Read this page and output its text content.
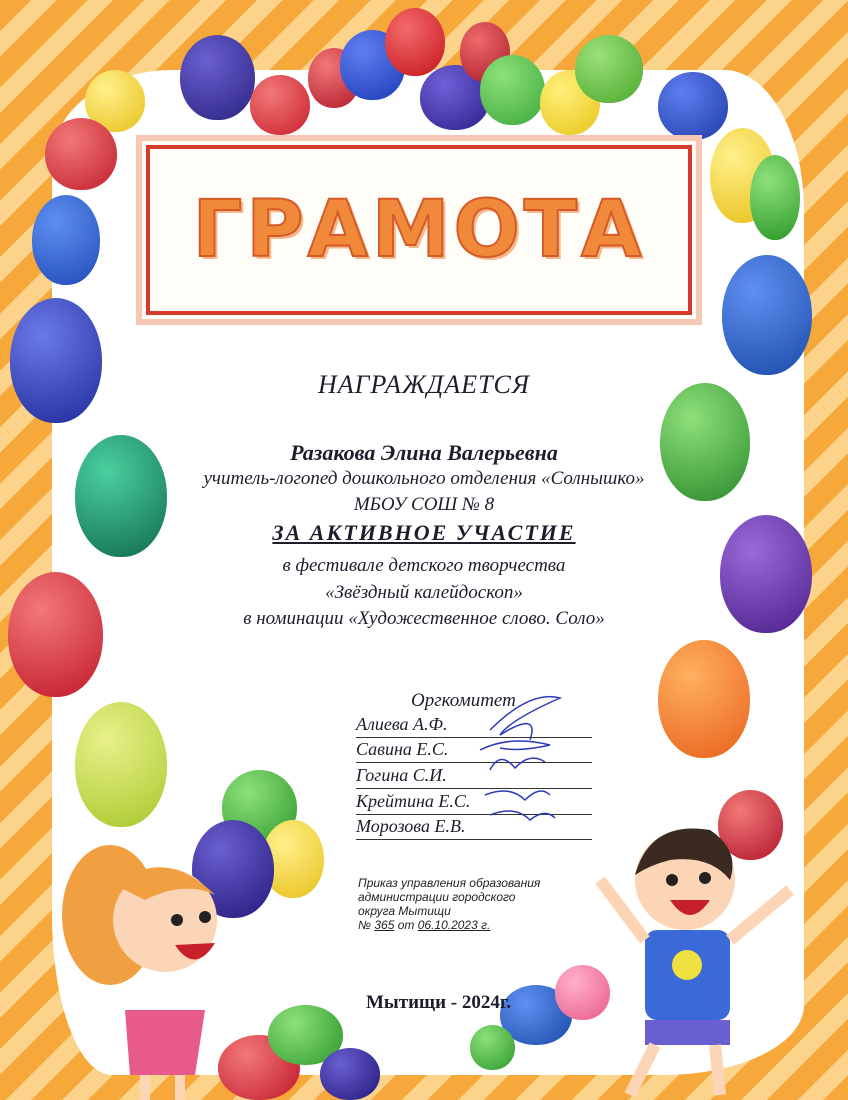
ГРАМОТА
НАГРАЖДАЕТСЯ
Разакова Элина Валерьевна
учитель-логопед дошкольного отделения «Солнышко»
МБОУ СОШ № 8
ЗА АКТИВНОЕ УЧАСТИЕ
в фестивале детского творчества
«Звёздный калейдоскоп»
в номинации «Художественное слово. Соло»
Оргкомитет
Алиева А.Ф.
Савина Е.С.
Гогина С.И.
Крейтина Е.С.
Морозова Е.В.
Приказ управления образования
администрации городского
округа Мытищи
№ 365 от 06.10.2023 г.
Мытищи - 2024г.
